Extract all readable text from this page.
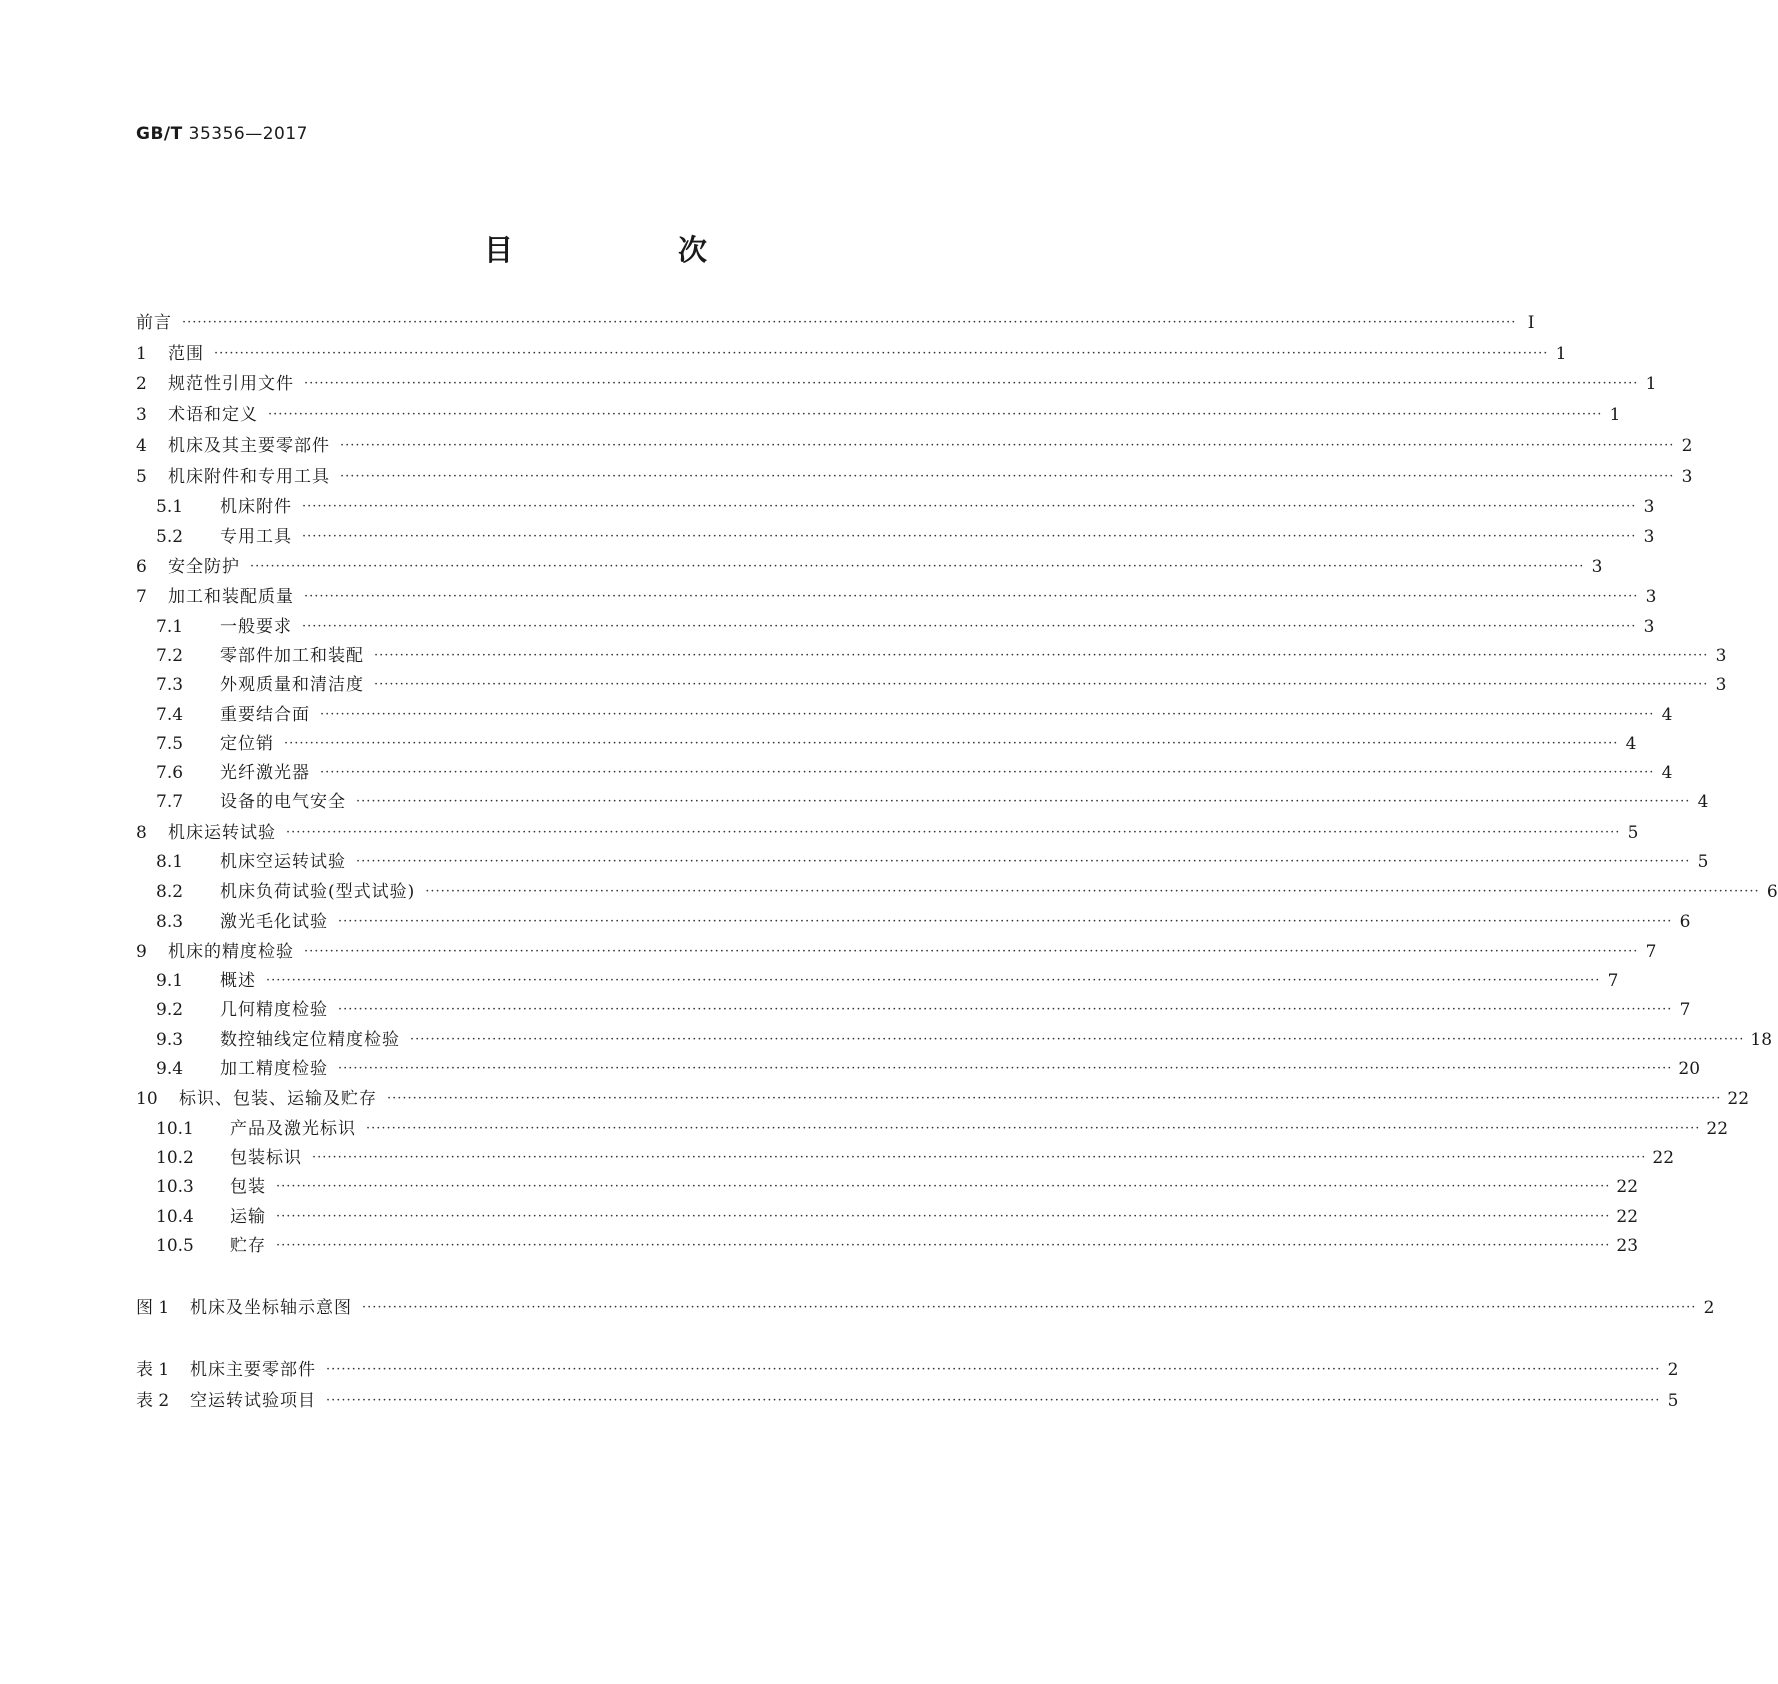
GB/T 35356—2017
目　次
前言 ···································································································································································································································································· Ⅰ
1	范围 ···································································································································································································································································· 1
2	规范性引用文件 ···································································································································································································································································· 1
3	术语和定义 ···································································································································································································································································· 1
4	机床及其主要零部件 ···································································································································································································································································· 2
5	机床附件和专用工具 ···································································································································································································································································· 3
5.1	机床附件 ···································································································································································································································································· 3
5.2	专用工具 ···································································································································································································································································· 3
6	安全防护 ···································································································································································································································································· 3
7	加工和装配质量 ···································································································································································································································································· 3
7.1	一般要求 ···································································································································································································································································· 3
7.2	零部件加工和装配 ···································································································································································································································································· 3
7.3	外观质量和清洁度 ···································································································································································································································································· 3
7.4	重要结合面 ···································································································································································································································································· 4
7.5	定位销 ···································································································································································································································································· 4
7.6	光纤激光器 ···································································································································································································································································· 4
7.7	设备的电气安全 ···································································································································································································································································· 4
8	机床运转试验 ···································································································································································································································································· 5
8.1	机床空运转试验 ···································································································································································································································································· 5
8.2	机床负荷试验(型式试验) ···································································································································································································································································· 6
8.3	激光毛化试验 ···································································································································································································································································· 6
9	机床的精度检验 ···································································································································································································································································· 7
9.1	概述 ···································································································································································································································································· 7
9.2	几何精度检验 ···································································································································································································································································· 7
9.3	数控轴线定位精度检验 ···································································································································································································································································· 18
9.4	加工精度检验 ···································································································································································································································································· 20
10	标识、包装、运输及贮存 ···································································································································································································································································· 22
10.1	产品及激光标识 ···································································································································································································································································· 22
10.2	包装标识 ···································································································································································································································································· 22
10.3	包装 ···································································································································································································································································· 22
10.4	运输 ···································································································································································································································································· 22
10.5	贮存 ···································································································································································································································································· 23
图 1	机床及坐标轴示意图 ···································································································································································································································································· 2
表 1	机床主要零部件 ···································································································································································································································································· 2
表 2	空运转试验项目 ···································································································································································································································································· 5
